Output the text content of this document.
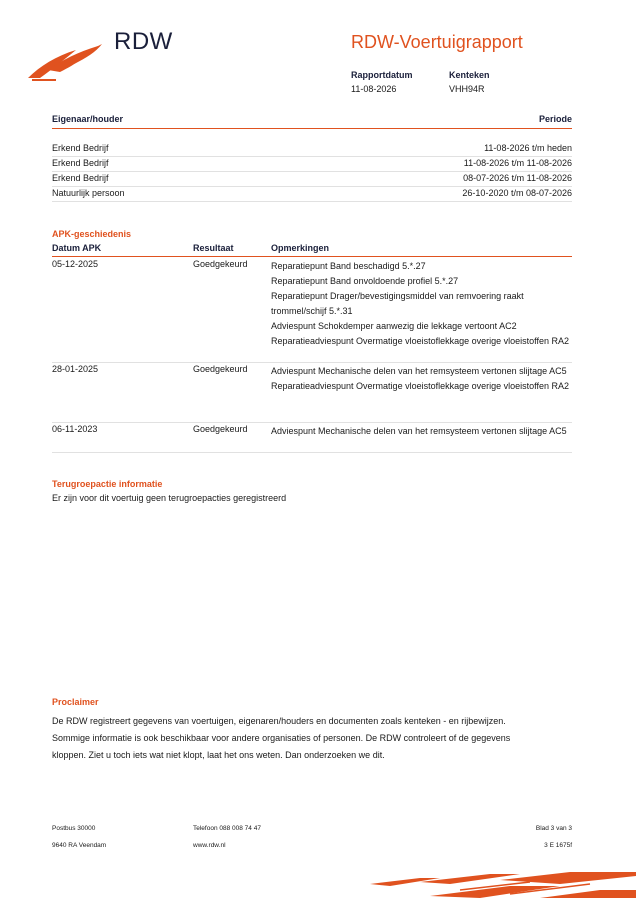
RDW	RDW-Voertuigrapport
Rapportdatum
11-08-2026
Kenteken
VHH94R
Eigenaar/houder	Periode
Erkend Bedrijf	11-08-2026 t/m heden
Erkend Bedrijf	11-08-2026 t/m 11-08-2026
Erkend Bedrijf	08-07-2026 t/m 11-08-2026
Natuurlijk persoon	26-10-2020 t/m 08-07-2026
APK-geschiedenis
Datum APK	Resultaat	Opmerkingen
05-12-2025	Goedgekeurd	Reparatiepunt Band beschadigd 5.*.27
Reparatiepunt Band onvoldoende profiel 5.*.27
Reparatiepunt Drager/bevestigingsmiddel van remvoering raakt trommel/schijf 5.*.31
Adviespunt Schokdemper aanwezig die lekkage vertoont AC2
Reparatieadviespunt Overmatige vloeistoflekkage overige vloeistoffen RA2
28-01-2025	Goedgekeurd	Adviespunt Mechanische delen van het remsysteem vertonen slijtage AC5
Reparatieadviespunt Overmatige vloeistoflekkage overige vloeistoffen RA2
06-11-2023	Goedgekeurd	Adviespunt Mechanische delen van het remsysteem vertonen slijtage AC5
Terugroepactie informatie
Er zijn voor dit voertuig geen terugroepacties geregistreerd
Proclaimer
De RDW registreert gegevens van voertuigen, eigenaren/houders en documenten zoals kenteken - en rijbewijzen.
Sommige informatie is ook beschikbaar voor andere organisaties of personen. De RDW controleert of de gegevens
kloppen. Ziet u toch iets wat niet klopt, laat het ons weten. Dan onderzoeken we dit.
Postbus 30000
9640 RA Veendam
Telefoon 088 008 74 47
www.rdw.nl
Blad 3 van 3
3 E 1675f
